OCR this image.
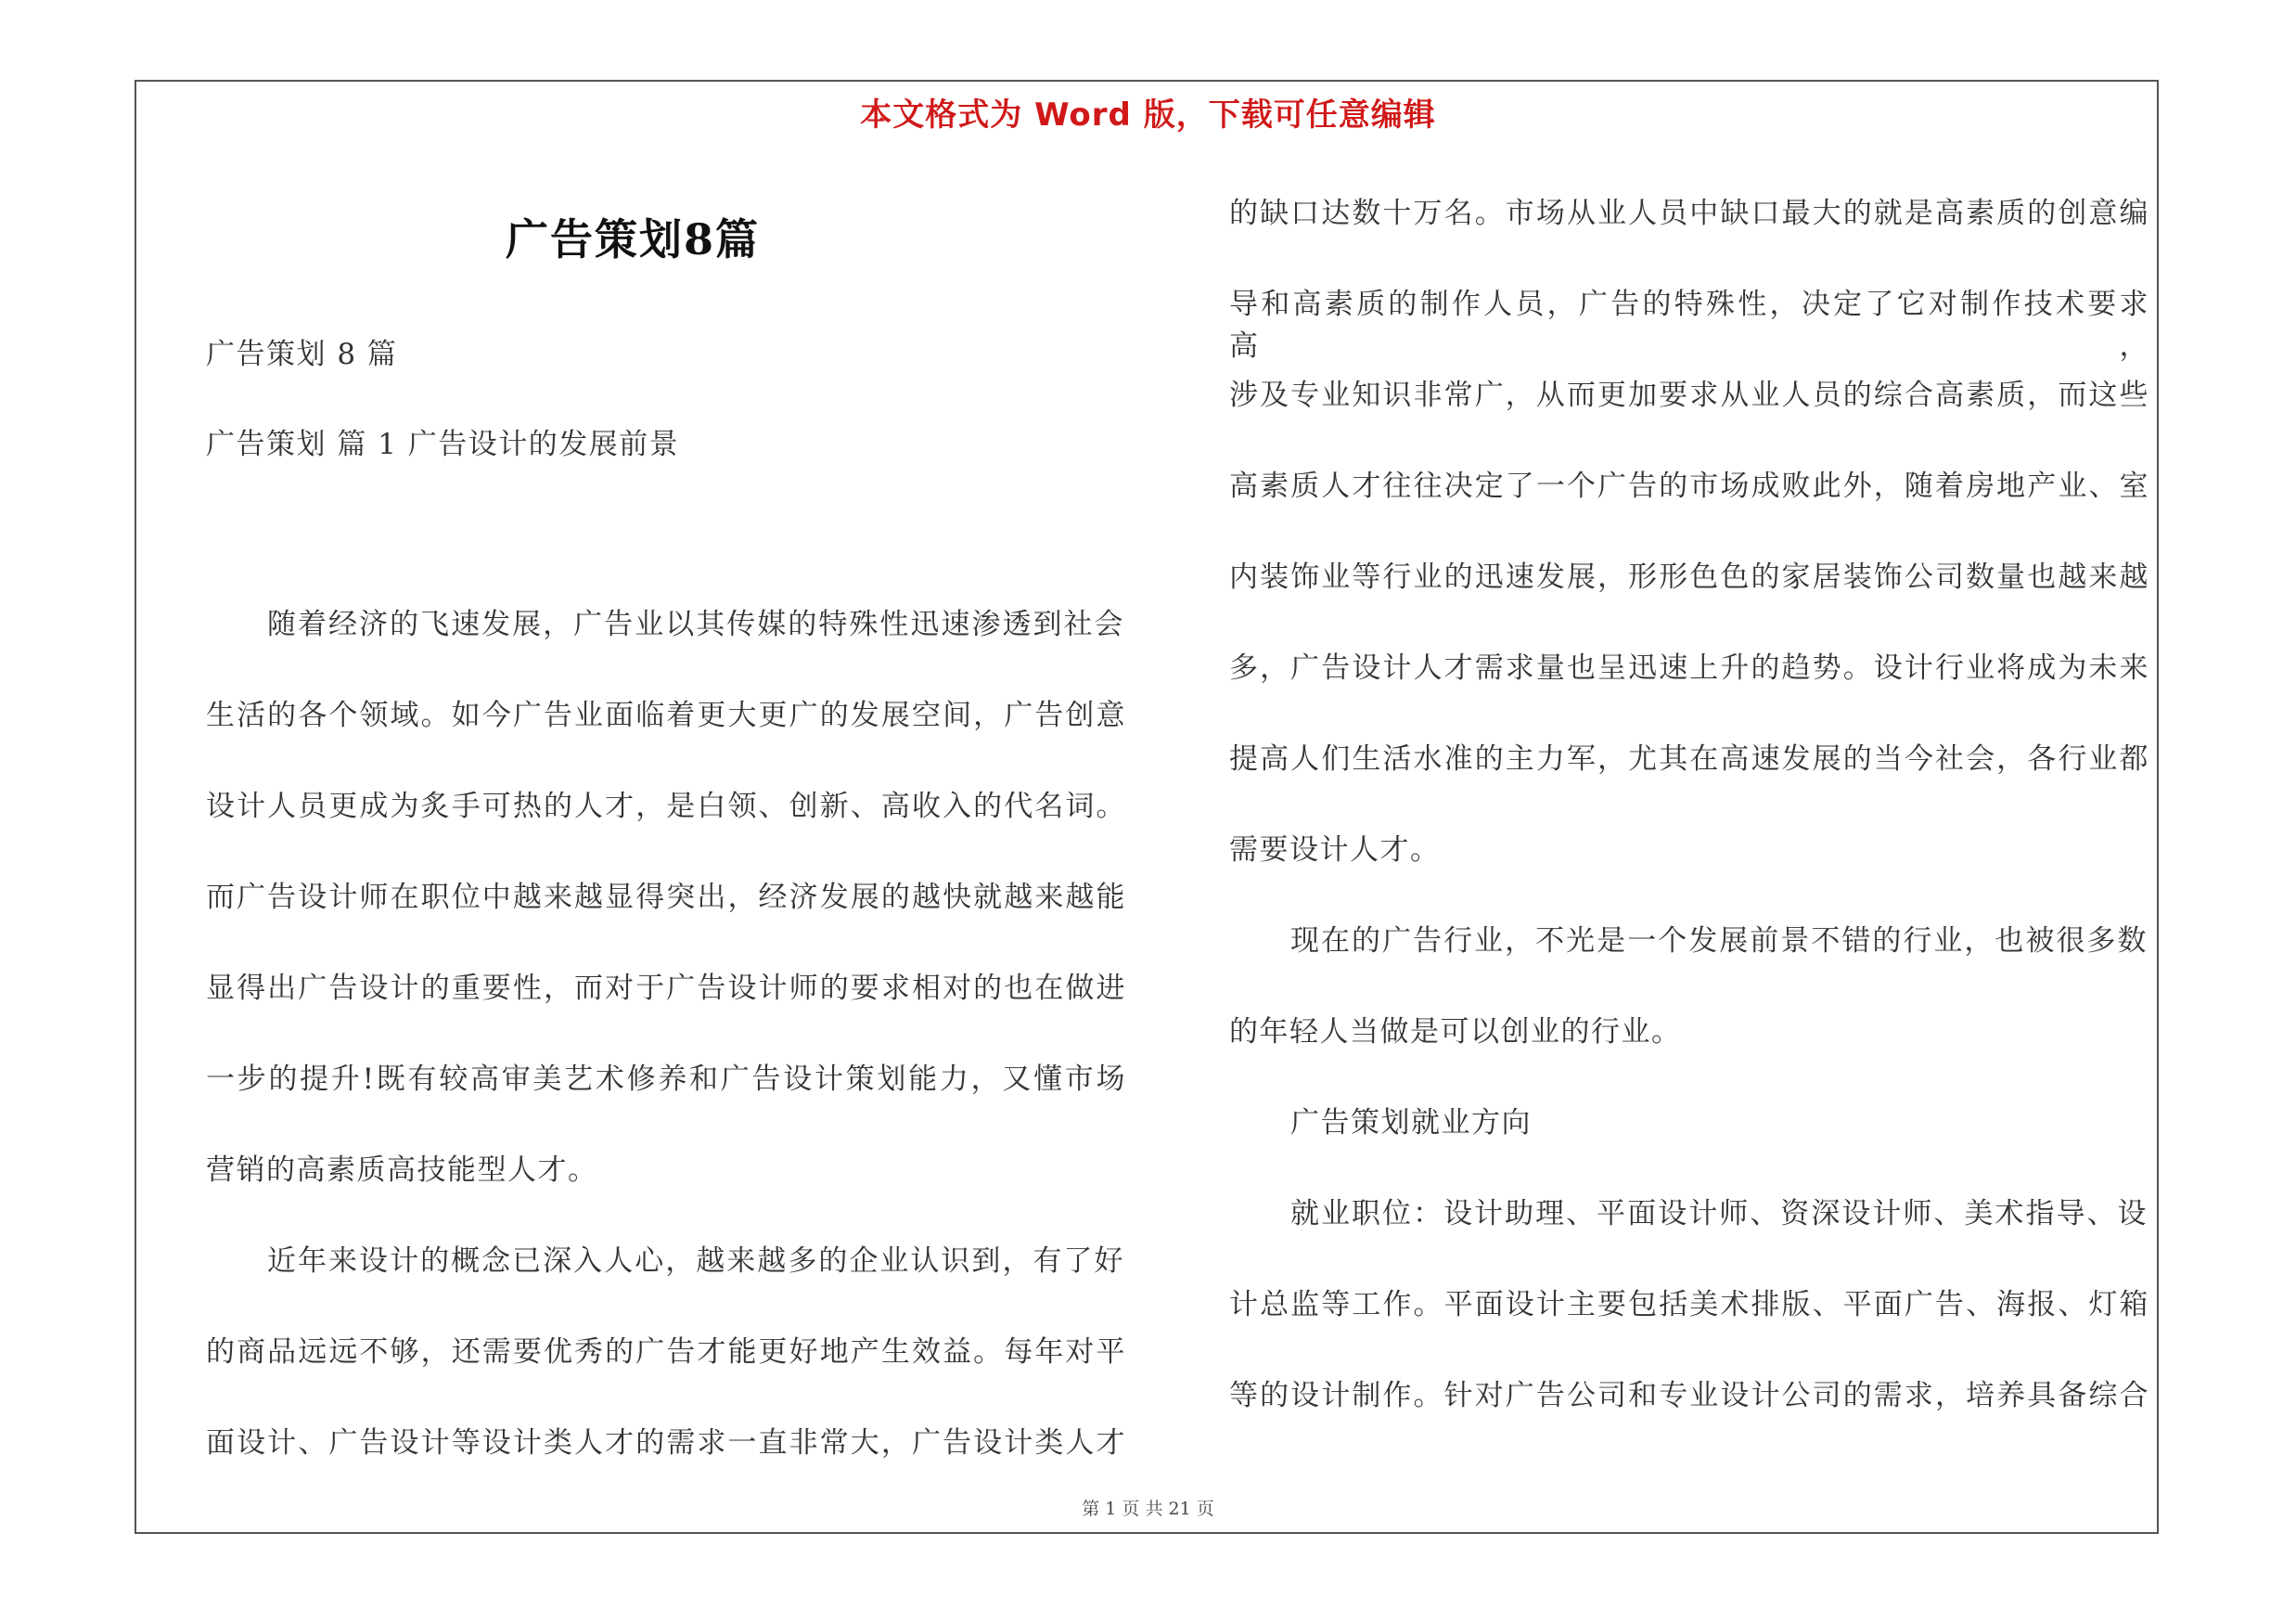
本文格式为 Word 版，下载可任意编辑
广告策划8篇
广告策划 8 篇
广告策划 篇 1 广告设计的发展前景
随着经济的飞速发展，广告业以其传媒的特殊性迅速渗透到社会
生活的各个领域。如今广告业面临着更大更广的发展空间，广告创意
设计人员更成为炙手可热的人才，是白领、创新、高收入的代名词。
而广告设计师在职位中越来越显得突出，经济发展的越快就越来越能
显得出广告设计的重要性，而对于广告设计师的要求相对的也在做进
一步的提升!既有较高审美艺术修养和广告设计策划能力，又懂市场
营销的高素质高技能型人才。
近年来设计的概念已深入人心，越来越多的企业认识到，有了好
的商品远远不够，还需要优秀的广告才能更好地产生效益。每年对平
面设计、广告设计等设计类人才的需求一直非常大，广告设计类人才
的缺口达数十万名。市场从业人员中缺口最大的就是高素质的创意编
导和高素质的制作人员，广告的特殊性，决定了它对制作技术要求高，
涉及专业知识非常广，从而更加要求从业人员的综合高素质，而这些
高素质人才往往决定了一个广告的市场成败此外，随着房地产业、室
内装饰业等行业的迅速发展，形形色色的家居装饰公司数量也越来越
多，广告设计人才需求量也呈迅速上升的趋势。设计行业将成为未来
提高人们生活水准的主力军，尤其在高速发展的当今社会，各行业都
需要设计人才。
现在的广告行业，不光是一个发展前景不错的行业，也被很多数
的年轻人当做是可以创业的行业。
广告策划就业方向
就业职位：设计助理、平面设计师、资深设计师、美术指导、设
计总监等工作。平面设计主要包括美术排版、平面广告、海报、灯箱
等的设计制作。针对广告公司和专业设计公司的需求，培养具备综合
第 1 页 共 21 页
